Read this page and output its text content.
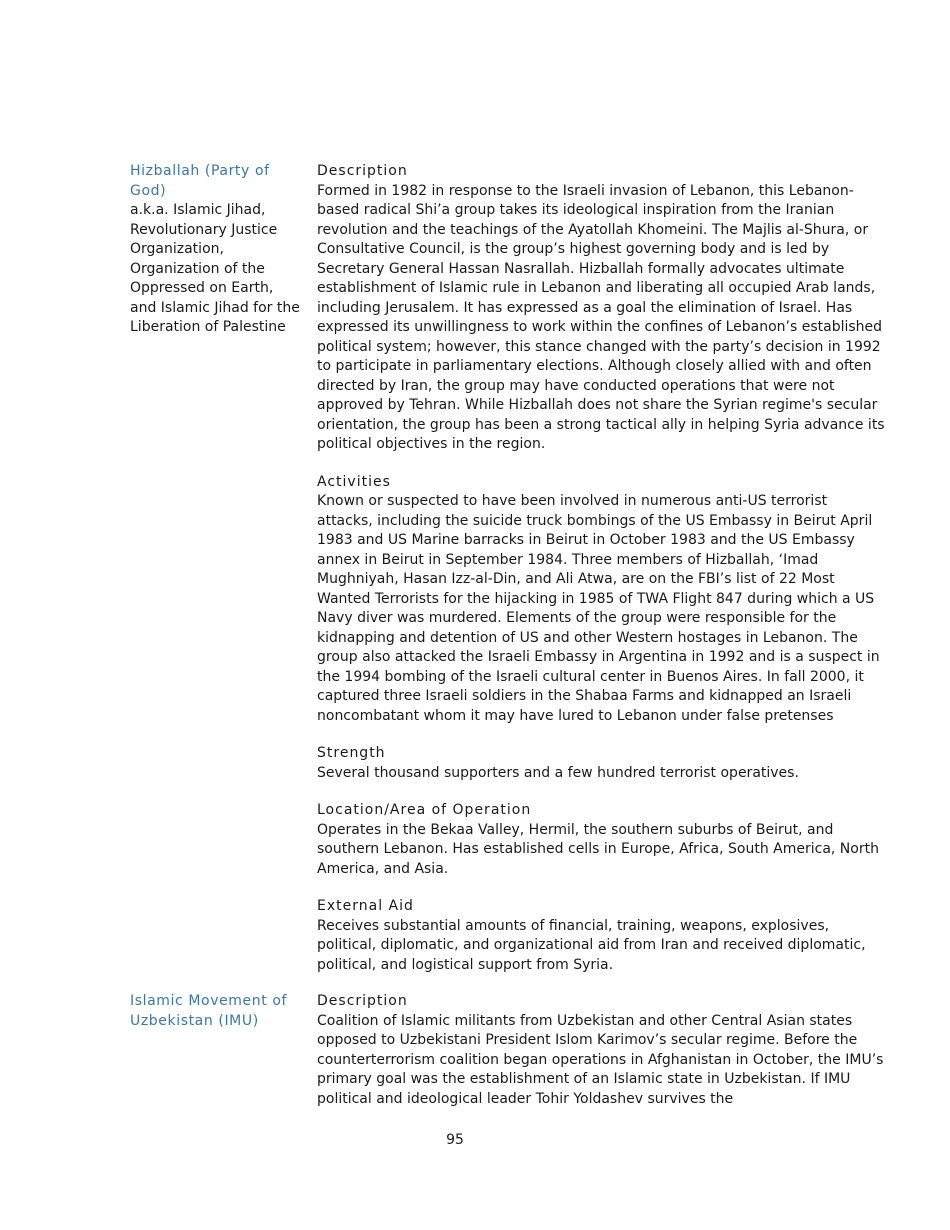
Hizballah (Party of God)

a.k.a. Islamic Jihad, Revolutionary Justice Organization, Organization of the Oppressed on Earth, and Islamic Jihad for the Liberation of Palestine

Description

Formed in 1982 in response to the Israeli invasion of Lebanon, this Lebanon-based radical Shi’a group takes its ideological inspiration from the Iranian revolution and the teachings of the Ayatollah Khomeini. The Majlis al-Shura, or Consultative Council, is the group’s highest governing body and is led by Secretary General Hassan Nasrallah. Hizballah formally advocates ultimate establishment of Islamic rule in Lebanon and liberating all occupied Arab lands, including Jerusalem. It has expressed as a goal the elimination of Israel. Has expressed its unwillingness to work within the confines of Lebanon’s established political system; however, this stance changed with the party’s decision in 1992 to participate in parliamentary elections. Although closely allied with and often directed by Iran, the group may have conducted operations that were not approved by Tehran. While Hizballah does not share the Syrian regime's secular orientation, the group has been a strong tactical ally in helping Syria advance its political objectives in the region.

Activities

Known or suspected to have been involved in numerous anti-US terrorist attacks, including the suicide truck bombings of the US Embassy in Beirut April 1983 and US Marine barracks in Beirut in October 1983 and the US Embassy annex in Beirut in September 1984. Three members of Hizballah, ‘Imad Mughniyah, Hasan Izz-al-Din, and Ali Atwa, are on the FBI’s list of 22 Most Wanted Terrorists for the hijacking in 1985 of TWA Flight 847 during which a US Navy diver was murdered. Elements of the group were responsible for the kidnapping and detention of US and other Western hostages in Lebanon. The group also attacked the Israeli Embassy in Argentina in 1992 and is a suspect in the 1994 bombing of the Israeli cultural center in Buenos Aires. In fall 2000, it captured three Israeli soldiers in the Shabaa Farms and kidnapped an Israeli noncombatant whom it may have lured to Lebanon under false pretenses

Strength

Several thousand supporters and a few hundred terrorist operatives.

Location/Area of Operation

Operates in the Bekaa Valley, Hermil, the southern suburbs of Beirut, and southern Lebanon. Has established cells in Europe, Africa, South America, North America, and Asia.

External Aid

Receives substantial amounts of financial, training, weapons, explosives, political, diplomatic, and organizational aid from Iran and received diplomatic, political, and logistical support from Syria.

Islamic Movement of Uzbekistan (IMU)

Description

Coalition of Islamic militants from Uzbekistan and other Central Asian states opposed to Uzbekistani President Islom Karimov’s secular regime. Before the counterterrorism coalition began operations in Afghanistan in October, the IMU’s primary goal was the establishment of an Islamic state in Uzbekistan. If IMU political and ideological leader Tohir Yoldashev survives the

95
